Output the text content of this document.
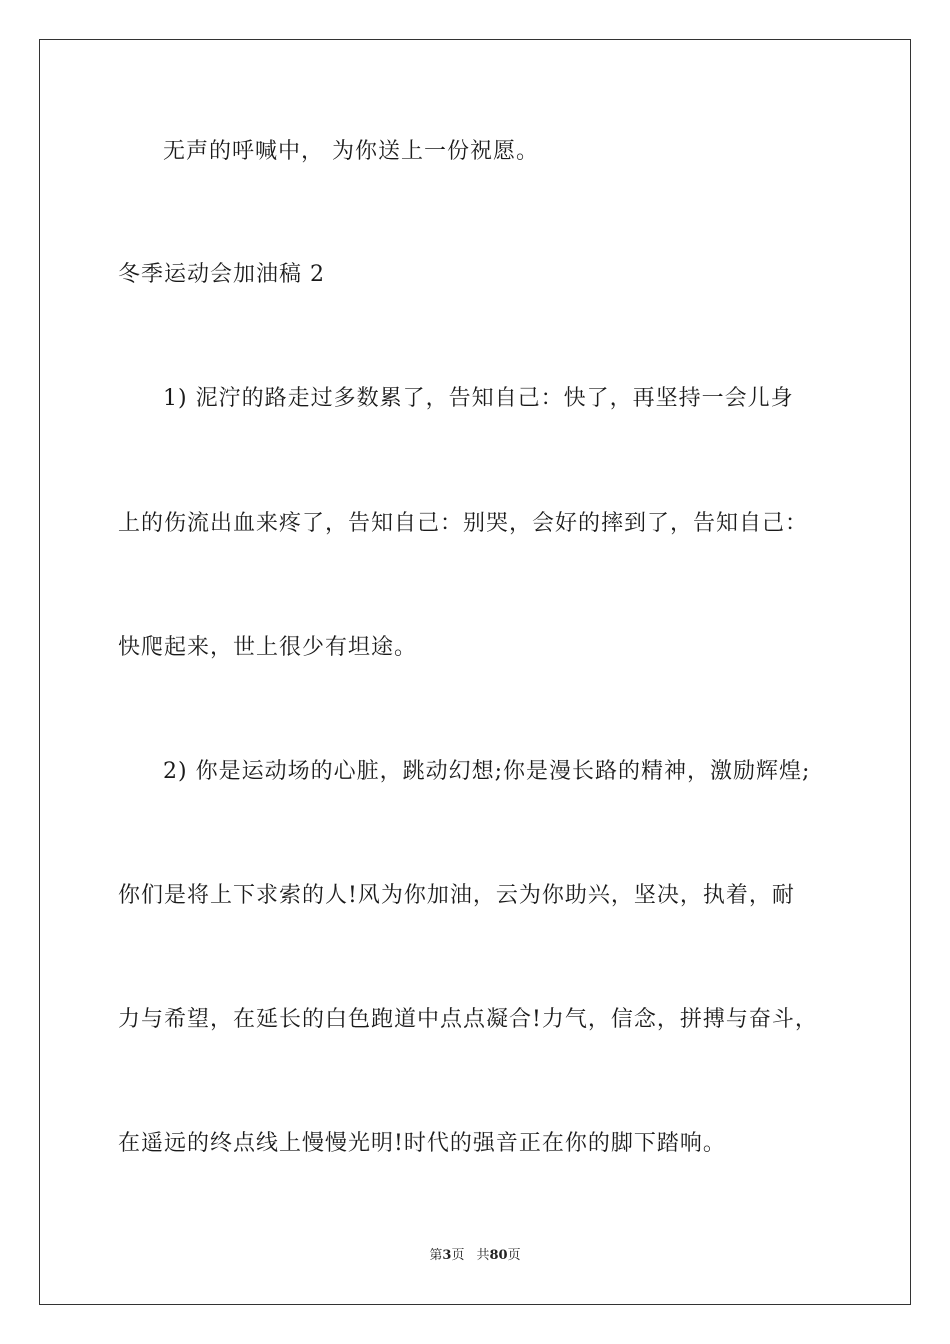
无声的呼喊中， 为你送上一份祝愿。
冬季运动会加油稿 2
1) 泥泞的路走过多数累了，告知自己：快了，再坚持一会儿身
上的伤流出血来疼了，告知自己：别哭，会好的摔到了，告知自己：
快爬起来，世上很少有坦途。
2) 你是运动场的心脏，跳动幻想;你是漫长路的精神，激励辉煌;
你们是将上下求索的人!风为你加油，云为你助兴，坚决，执着，耐
力与希望，在延长的白色跑道中点点凝合!力气，信念，拼搏与奋斗，
在遥远的终点线上慢慢光明!时代的强音正在你的脚下踏响。
第3页 共80页
